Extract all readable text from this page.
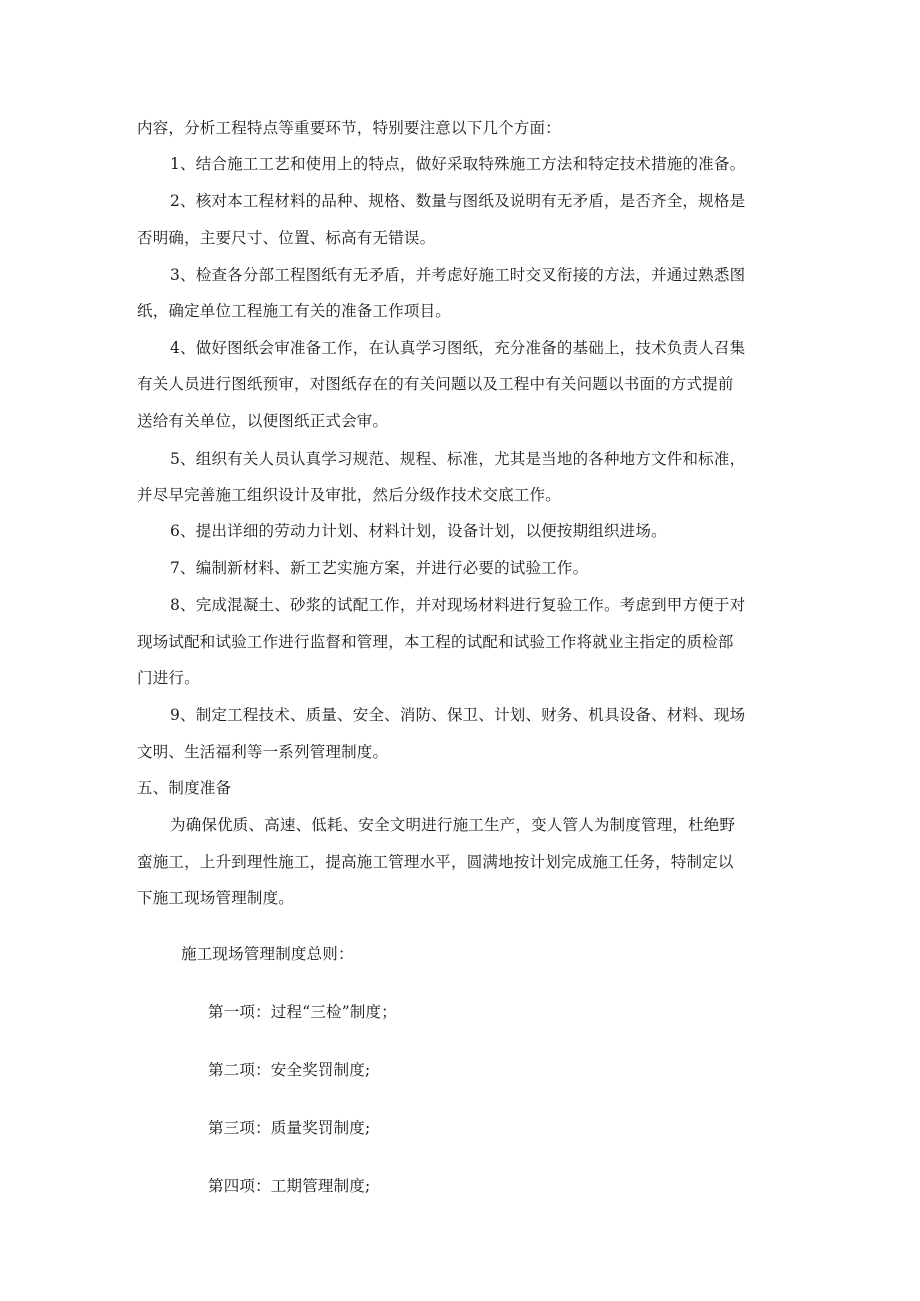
内容，分析工程特点等重要环节，特别要注意以下几个方面：
1、结合施工工艺和使用上的特点，做好采取特殊施工方法和特定技术措施的准备。
2、核对本工程材料的品种、规格、数量与图纸及说明有无矛盾，是否齐全，规格是
否明确，主要尺寸、位置、标高有无错误。
3、检查各分部工程图纸有无矛盾，并考虑好施工时交叉衔接的方法，并通过熟悉图
纸，确定单位工程施工有关的准备工作项目。
4、做好图纸会审准备工作，在认真学习图纸，充分准备的基础上，技术负责人召集
有关人员进行图纸预审，对图纸存在的有关问题以及工程中有关问题以书面的方式提前
送给有关单位，以便图纸正式会审。
5、组织有关人员认真学习规范、规程、标准，尤其是当地的各种地方文件和标准，
并尽早完善施工组织设计及审批，然后分级作技术交底工作。
6、提出详细的劳动力计划、材料计划，设备计划，以便按期组织进场。
7、编制新材料、新工艺实施方案，并进行必要的试验工作。
8、完成混凝土、砂浆的试配工作，并对现场材料进行复验工作。考虑到甲方便于对
现场试配和试验工作进行监督和管理，本工程的试配和试验工作将就业主指定的质检部
门进行。
9、制定工程技术、质量、安全、消防、保卫、计划、财务、机具设备、材料、现场
文明、生活福利等一系列管理制度。
五、制度准备
为确保优质、高速、低耗、安全文明进行施工生产，变人管人为制度管理，杜绝野
蛮施工，上升到理性施工，提高施工管理水平，圆满地按计划完成施工任务，特制定以
下施工现场管理制度。
施工现场管理制度总则：
第一项：过程“三检”制度；
第二项：安全奖罚制度;
第三项：质量奖罚制度;
第四项：工期管理制度;
